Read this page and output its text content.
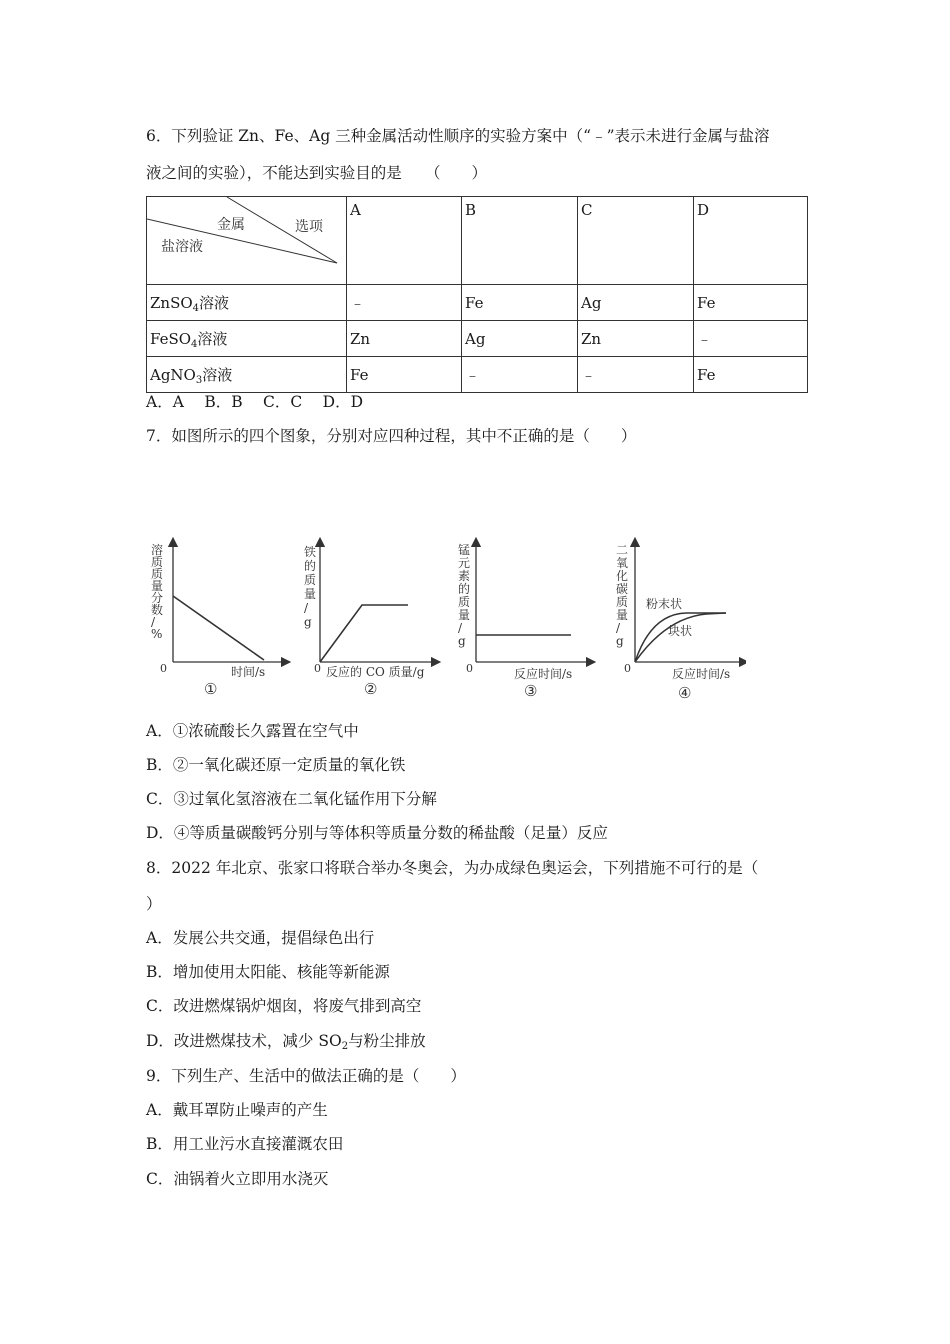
6．下列验证 Zn、Fe、Ag 三种金属活动性顺序的实验方案中（“﹣”表示未进行金属与盐溶
液之间的实验），不能达到实验目的是　　（　　）
金属 选项
盐溶液	A	B	C	D
ZnSO$_4$溶液	﹣	Fe	Ag	Fe
FeSO$_4$溶液	Zn	Ag	Zn	﹣
AgNO$_3$溶液	Fe	﹣	﹣	Fe
A．A　 B．B　 C．C　 D．D
7．如图所示的四个图象，分别对应四种过程，其中不正确的是（　　）
溶
质
质
量
分
数
/
%
0	时间/s
①
铁
的
质
量
/
g
0 反应的 CO 质量/g
②
锰
元
素
的
质
量
/
g
0	反应时间/s
③
二
氧
化
碳
质
量
/
g
粉末状
块状
0	反应时间/s
④
A．①浓硫酸长久露置在空气中
B．②一氧化碳还原一定质量的氧化铁
C．③过氧化氢溶液在二氧化锰作用下分解
D．④等质量碳酸钙分别与等体积等质量分数的稀盐酸（足量）反应
8．2022 年北京、张家口将联合举办冬奥会，为办成绿色奥运会，下列措施不可行的是（
）
A．发展公共交通，提倡绿色出行
B．增加使用太阳能、核能等新能源
C．改进燃煤锅炉烟囱，将废气排到高空
D．改进燃煤技术，减少 $SO_2$与粉尘排放
9．下列生产、生活中的做法正确的是（　　）
A．戴耳罩防止噪声的产生
B．用工业污水直接灌溉农田
C．油锅着火立即用水浇灭
